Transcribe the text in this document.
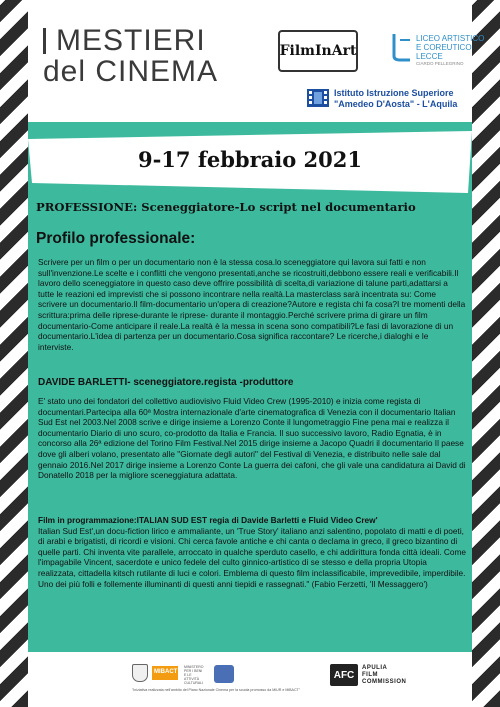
MESTIERI
del CINEMA
FilmInArt
LICEO ARTISTICO
E COREUTICO
LECCE
CIARDO PELLEGRINO
Istituto Istruzione Superiore
"Amedeo D'Aosta" - L'Aquila
9-17 febbraio 2021
PROFESSIONE: Sceneggiatore-Lo script nel documentario
Profilo professionale:
Scrivere per un film o per un documentario non è la stessa cosa.lo sceneggiatore qui lavora sui fatti e non sull'invenzione.Le scelte e i conflitti che vengono presentati,anche se ricostruiti,debbono essere reali e verificabili.Il lavoro dello sceneggiatore in questo caso deve offrire possibilità di scelta,di variazione di talune parti,adattarsi a tutte le reazioni ed imprevisti che si possono incontrare nella realtà.La masterclass sarà incentrata su: Come scrivere un documentario.Il film-documentario un'opera di creazione?Autore e regista chi fa cosa?I tre momenti della scrittura:prima delle riprese-durante le riprese- durante il montaggio.Perché scrivere prima di girare un film documentario-Come anticipare il reale.La realtà è la messa in scena sono compatibili?Le fasi di lavorazione di un documentario.L'idea di partenza per un documentario.Cosa significa raccontare? Le ricerche,i dialoghi e le interviste.
DAVIDE BARLETTI- sceneggiatore.regista -produttore
E' stato uno dei fondatori del collettivo audiovisivo Fluid Video Crew (1995-2010) e inizia come regista di documentari.Partecipa alla 60ª Mostra internazionale d'arte cinematografica di Venezia con il documentario Italian Sud Est nel 2003.Nel 2008 scrive e dirige insieme a Lorenzo Conte il lungometraggio Fine pena mai e realizza il documentario Diario di uno scuro, co-prodotto da Italia e Francia. Il suo successivo lavoro, Radio Egnatia, è in concorso alla 26ª edizione del Torino Film Festival.Nel 2015 dirige insieme a Jacopo Quadri il documentario Il paese dove gli alberi volano, presentato alle "Giornate degli autori" del Festival di Venezia, e distribuito nelle sale dal gennaio 2016.Nel 2017 dirige insieme a Lorenzo Conte La guerra dei cafoni, che gli vale una candidatura ai David di Donatello 2018 per la migliore sceneggiatura adattata.
Film in programmazione:ITALIAN SUD EST regia di Davide Barletti e Fluid Video Crew'
Italian Sud Est',un docu-fiction lirico e ammaliante, un 'True Story' italiano anzi salentino, popolato di matti e di poeti, di arabi e brigatisti, di ricordi e visioni. Chi cerca favole antiche e chi canta o declama in greco, il greco bizantino di quelle parti. Chi inventa vite parallele, arroccato in qualche sperduto casello, e chi addirittura fonda città ideali. Come l'impagabile Vincent, sacerdote e unico fedele del culto ginnico-artistico di se stesso e della propria Utopia realizzata, cittadella kitsch rutilante di luci e colori. Emblema di questo film inclassificabile, imprevedibile, imperdibile. Uno dei più folli e follemente illuminanti di questi anni tiepidi e rassegnati." (Fabio Ferzetti, 'Il Messaggero')
MIBACT
MINISTERO
PER I BENI
E LE ATTIVITÀ
CULTURALI
"Iniziativa realizzata nell'ambito del Piano Nazionale Cinema per la scuola promosso da MIUR e MiBACT"
AFC
APULIA
FILM
COMMISSION
